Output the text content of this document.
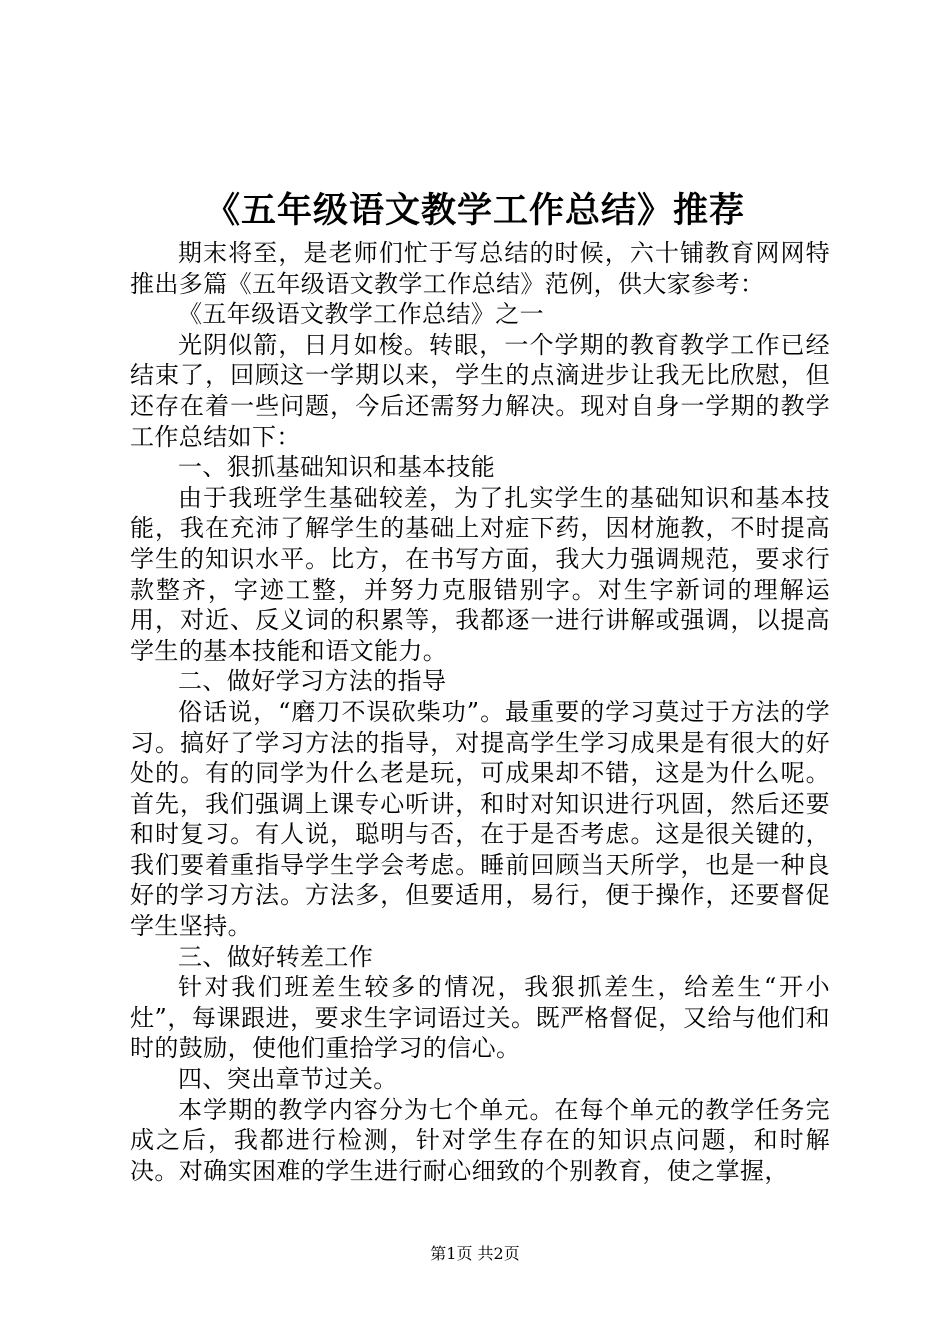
《五年级语文教学工作总结》推荐

期末将至，是老师们忙于写总结的时候，六十铺教育网网特推出多篇《五年级语文教学工作总结》范例，供大家参考：

《五年级语文教学工作总结》之一

光阴似箭，日月如梭。转眼，一个学期的教育教学工作已经结束了，回顾这一学期以来，学生的点滴进步让我无比欣慰，但还存在着一些问题，今后还需努力解决。现对自身一学期的教学工作总结如下：

一、狠抓基础知识和基本技能

由于我班学生基础较差，为了扎实学生的基础知识和基本技能，我在充沛了解学生的基础上对症下药，因材施教，不时提高学生的知识水平。比方，在书写方面，我大力强调规范，要求行款整齐，字迹工整，并努力克服错别字。对生字新词的理解运用，对近、反义词的积累等，我都逐一进行讲解或强调，以提高学生的基本技能和语文能力。

二、做好学习方法的指导

俗话说，“磨刀不误砍柴功”。最重要的学习莫过于方法的学习。搞好了学习方法的指导，对提高学生学习成果是有很大的好处的。有的同学为什么老是玩，可成果却不错，这是为什么呢。首先，我们强调上课专心听讲，和时对知识进行巩固，然后还要和时复习。有人说，聪明与否，在于是否考虑。这是很关键的，我们要着重指导学生学会考虑。睡前回顾当天所学，也是一种良好的学习方法。方法多，但要适用，易行，便于操作，还要督促学生坚持。

三、做好转差工作

针对我们班差生较多的情况，我狠抓差生，给差生“开小灶”，每课跟进，要求生字词语过关。既严格督促，又给与他们和时的鼓励，使他们重拾学习的信心。

四、突出章节过关。

本学期的教学内容分为七个单元。在每个单元的教学任务完成之后，我都进行检测，针对学生存在的知识点问题，和时解决。对确实困难的学生进行耐心细致的个别教育，使之掌握，

第1页 共2页
